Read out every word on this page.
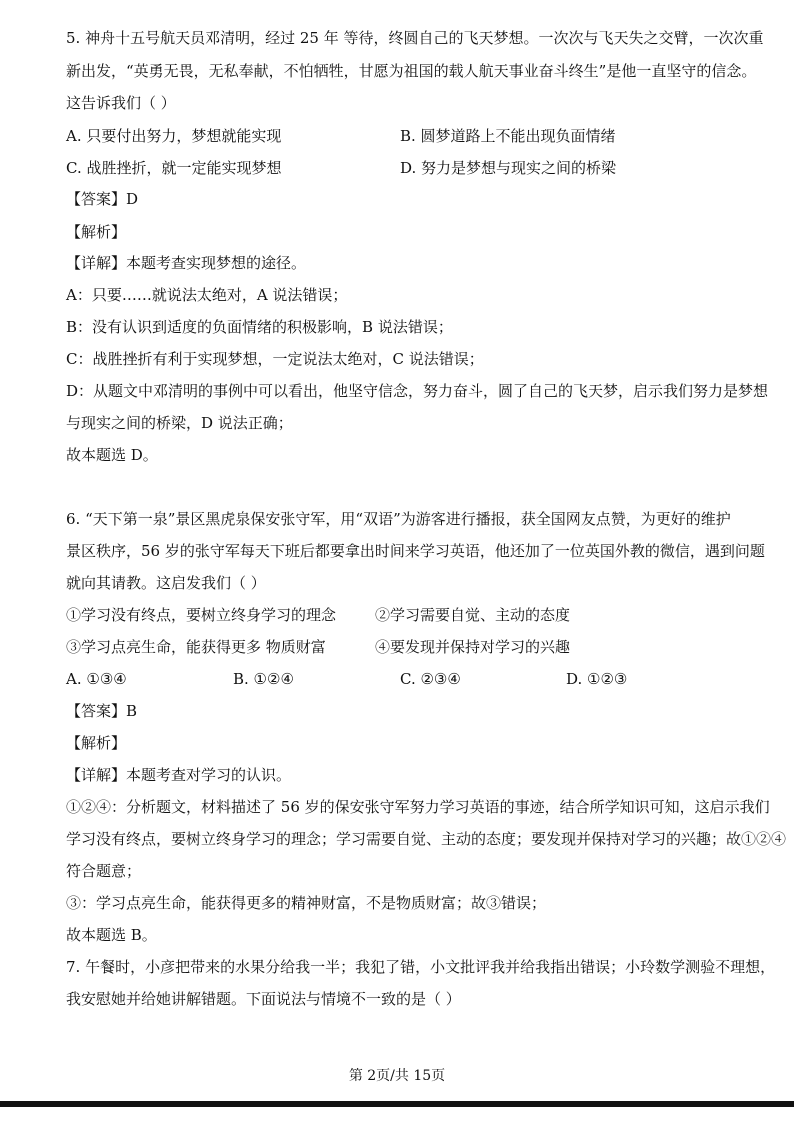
5. 神舟十五号航天员邓清明，经过 25 年 等待，终圆自己的飞天梦想。一次次与飞天失之交臂，一次次重
新出发，“英勇无畏，无私奉献，不怕牺牲，甘愿为祖国的载人航天事业奋斗终生”是他一直坚守的信念。
这告诉我们（ ）
A. 只要付出努力，梦想就能实现	B. 圆梦道路上不能出现负面情绪
C. 战胜挫折，就一定能实现梦想	D. 努力是梦想与现实之间的桥梁
【答案】D
【解析】
【详解】本题考查实现梦想的途径。
A：只要……就说法太绝对，A 说法错误；
B：没有认识到适度的负面情绪的积极影响，B 说法错误；
C：战胜挫折有利于实现梦想，一定说法太绝对，C 说法错误；
D：从题文中邓清明的事例中可以看出，他坚守信念，努力奋斗，圆了自己的飞天梦，启示我们努力是梦想
与现实之间的桥梁，D 说法正确；
故本题选 D。
6. “天下第一泉”景区黑虎泉保安张守军，用“双语”为游客进行播报，获全国网友点赞，为更好的维护
景区秩序，56 岁的张守军每天下班后都要拿出时间来学习英语，他还加了一位英国外教的微信，遇到问题
就向其请教。这启发我们（ ）
①学习没有终点，要树立终身学习的理念	②学习需要自觉、主动的态度
③学习点亮生命，能获得更多 物质财富	④要发现并保持对学习的兴趣
A. ①③④	B. ①②④	C. ②③④	D. ①②③
【答案】B
【解析】
【详解】本题考查对学习的认识。
①②④：分析题文，材料描述了 56 岁的保安张守军努力学习英语的事迹，结合所学知识可知，这启示我们
学习没有终点，要树立终身学习的理念；学习需要自觉、主动的态度；要发现并保持对学习的兴趣；故①②④
符合题意；
③：学习点亮生命，能获得更多的精神财富，不是物质财富；故③错误；
故本题选 B。
7. 午餐时，小彦把带来的水果分给我一半；我犯了错，小文批评我并给我指出错误；小玲数学测验不理想，
我安慰她并给她讲解错题。下面说法与情境不一致的是（ ）
第 2页/共 15页
